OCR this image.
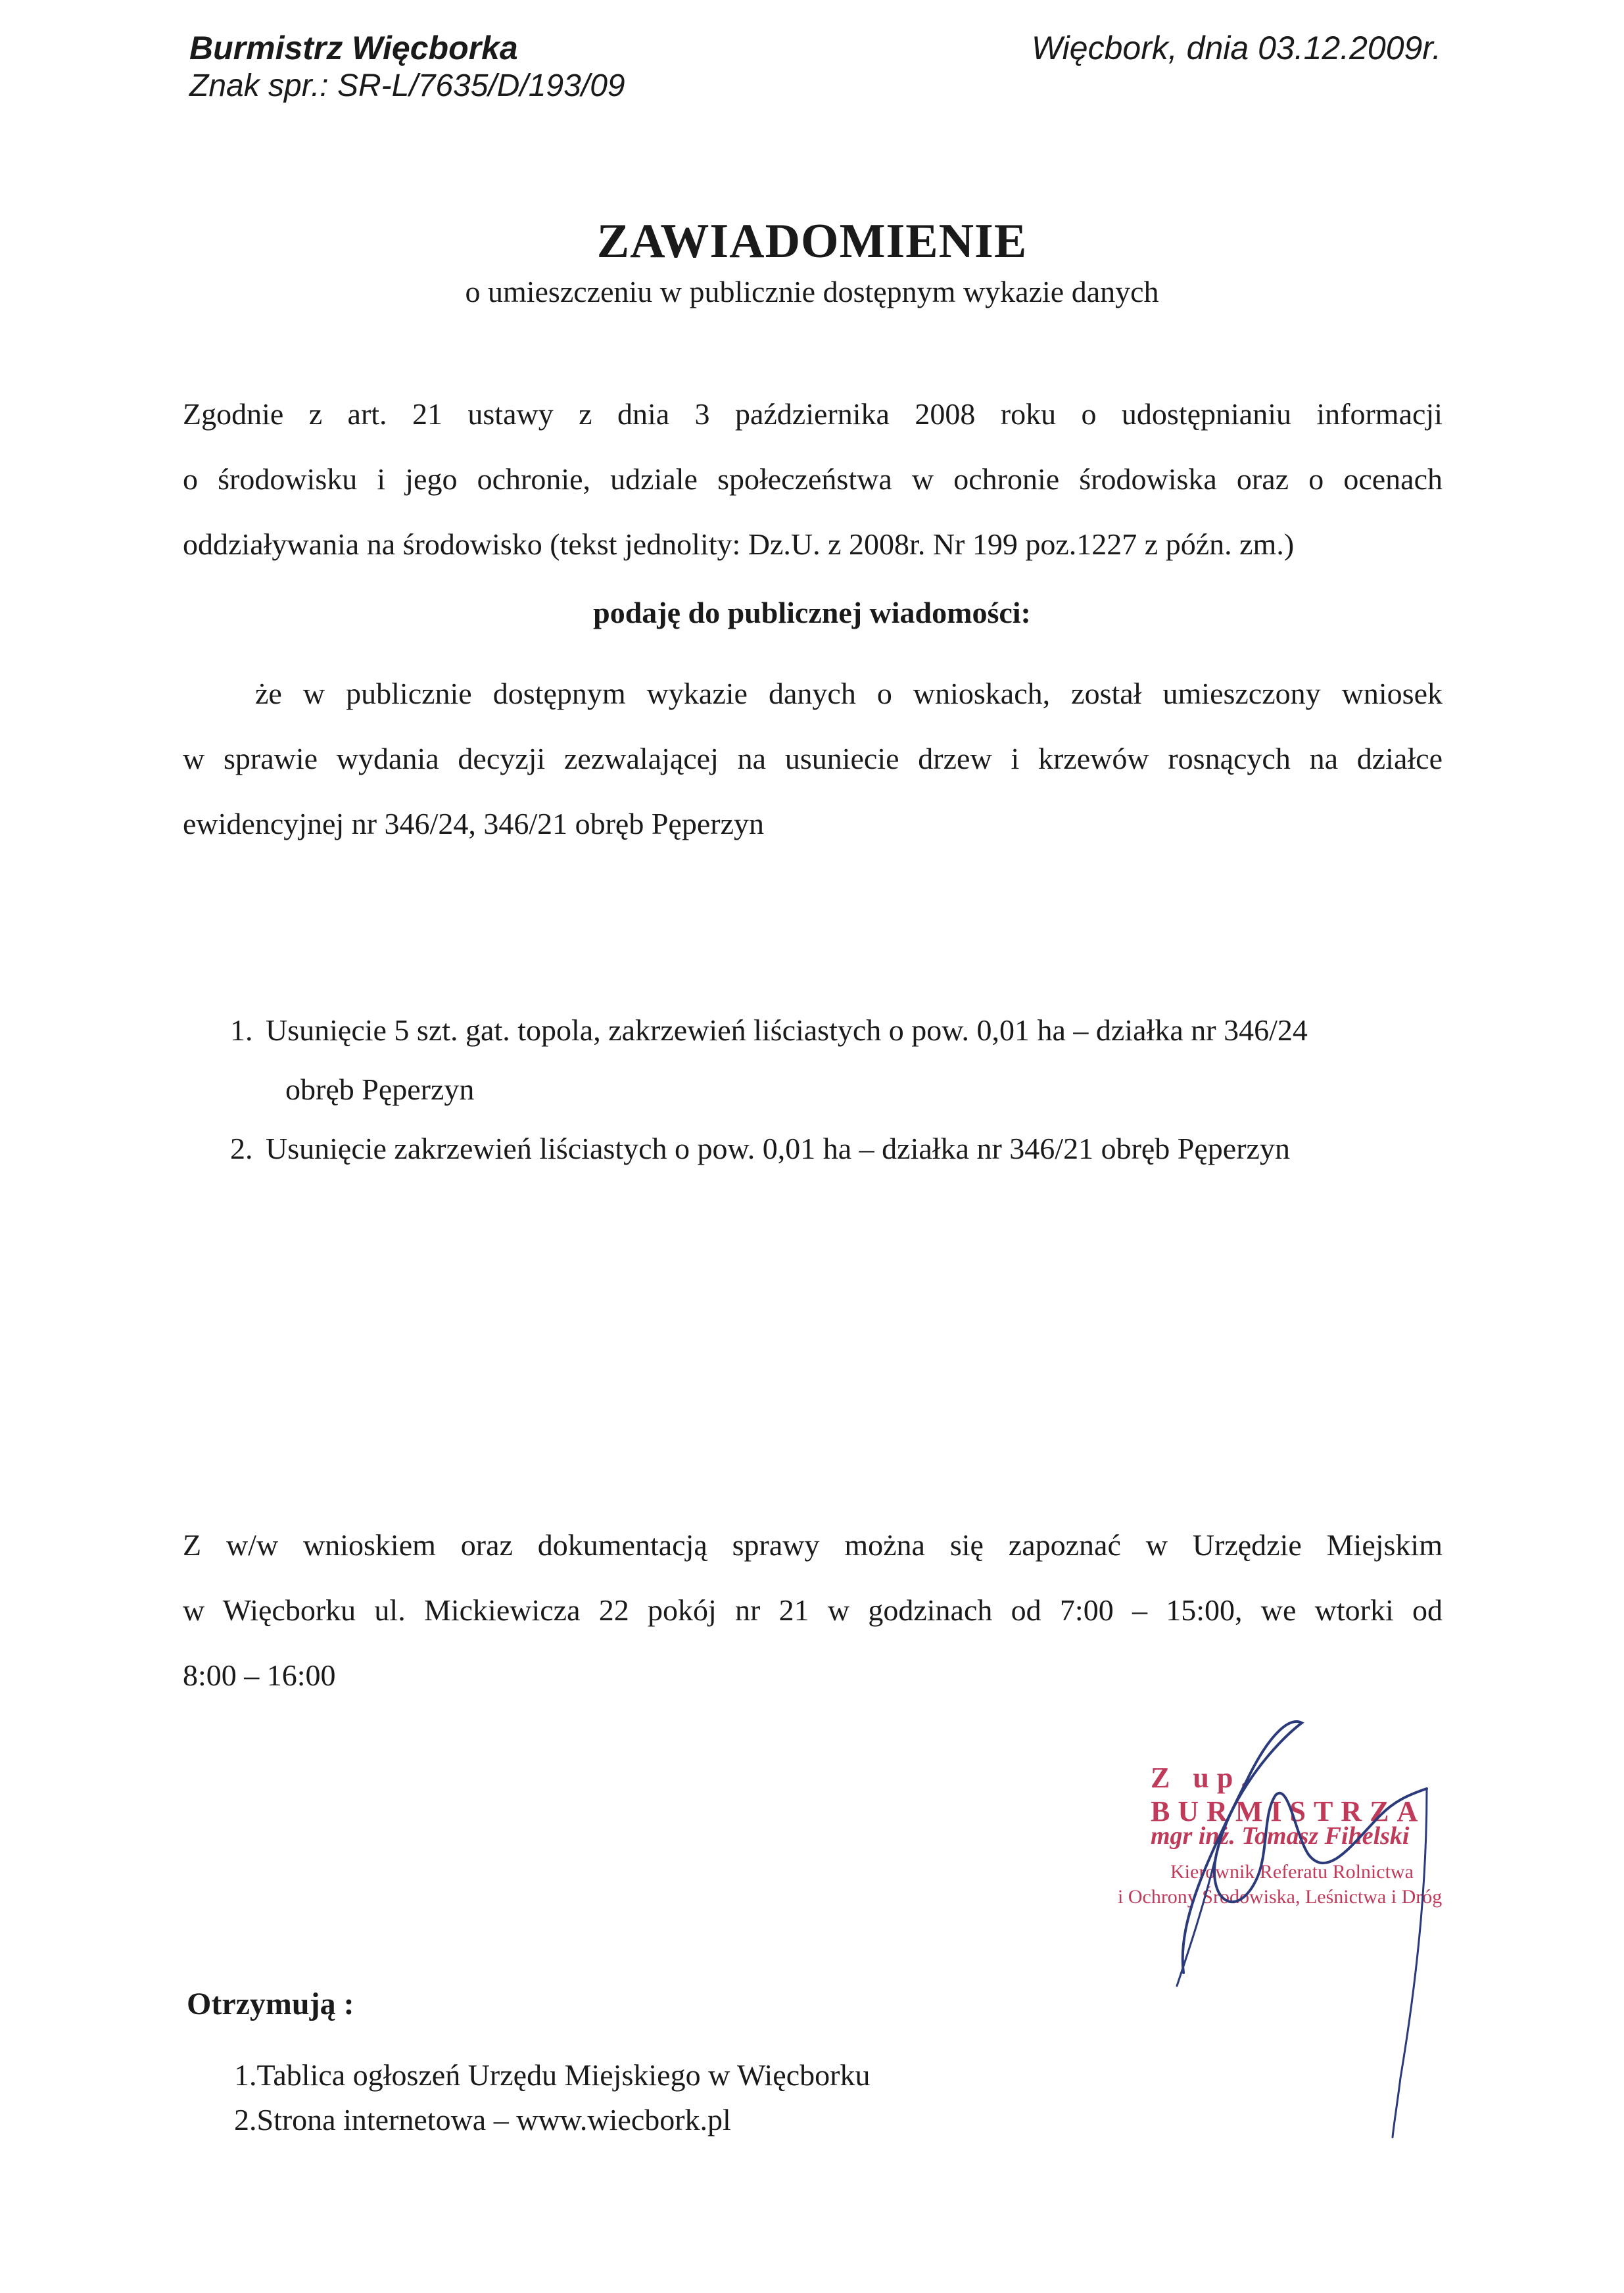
Burmistrz Więcborka
Znak spr.: SR-L/7635/D/193/09
Więcbork, dnia 03.12.2009r.
ZAWIADOMIENIE
o umieszczeniu w publicznie dostępnym wykazie danych
Zgodnie z art. 21 ustawy z dnia 3 października 2008 roku o udostępnianiu informacji
o środowisku i jego ochronie, udziale społeczeństwa w ochronie środowiska oraz o ocenach
oddziaływania na środowisko (tekst jednolity: Dz.U. z 2008r. Nr 199 poz.1227 z późn. zm.)
podaję do publicznej wiadomości:
że w publicznie dostępnym wykazie danych o wnioskach, został umieszczony wniosek
w sprawie wydania decyzji zezwalającej na usuniecie drzew i krzewów rosnących na działce
ewidencyjnej nr 346/24, 346/21 obręb Pęperzyn
1. Usunięcie 5 szt. gat. topola, zakrzewień liściastych o pow. 0,01 ha – działka nr 346/24
obręb Pęperzyn
2. Usunięcie zakrzewień liściastych o pow. 0,01 ha – działka nr 346/21 obręb Pęperzyn
Z w/w wnioskiem oraz dokumentacją sprawy można się zapoznać w Urzędzie Miejskim
w Więcborku ul. Mickiewicza 22 pokój nr 21 w godzinach od 7:00 – 15:00, we wtorki od
8:00 – 16:00
Z up. BURMISTRZA
mgr inż. Tomasz Fihelski
Kierownik Referatu Rolnictwa
i Ochrony Środowiska, Leśnictwa i Dróg
Otrzymują :
1.Tablica ogłoszeń Urzędu Miejskiego w Więcborku
2.Strona internetowa – www.wiecbork.pl
